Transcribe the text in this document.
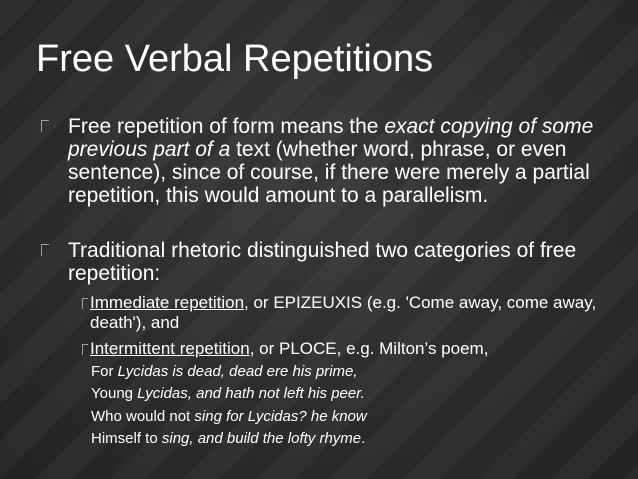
Free Verbal Repetitions
Free repetition of form means the exact copying of some previous part of a text (whether word, phrase, or even sentence), since of course, if there were merely a partial repetition, this would amount to a parallelism.
Traditional rhetoric distinguished two categories of free repetition:
Immediate repetition, or EPIZEUXIS (e.g. 'Come away, come away, death'), and
Intermittent repetition, or PLOCE, e.g. Milton’s poem,
For Lycidas is dead, dead ere his prime,
Young Lycidas, and hath not left his peer.
Who would not sing for Lycidas? he know
Himself to sing, and build the lofty rhyme.
